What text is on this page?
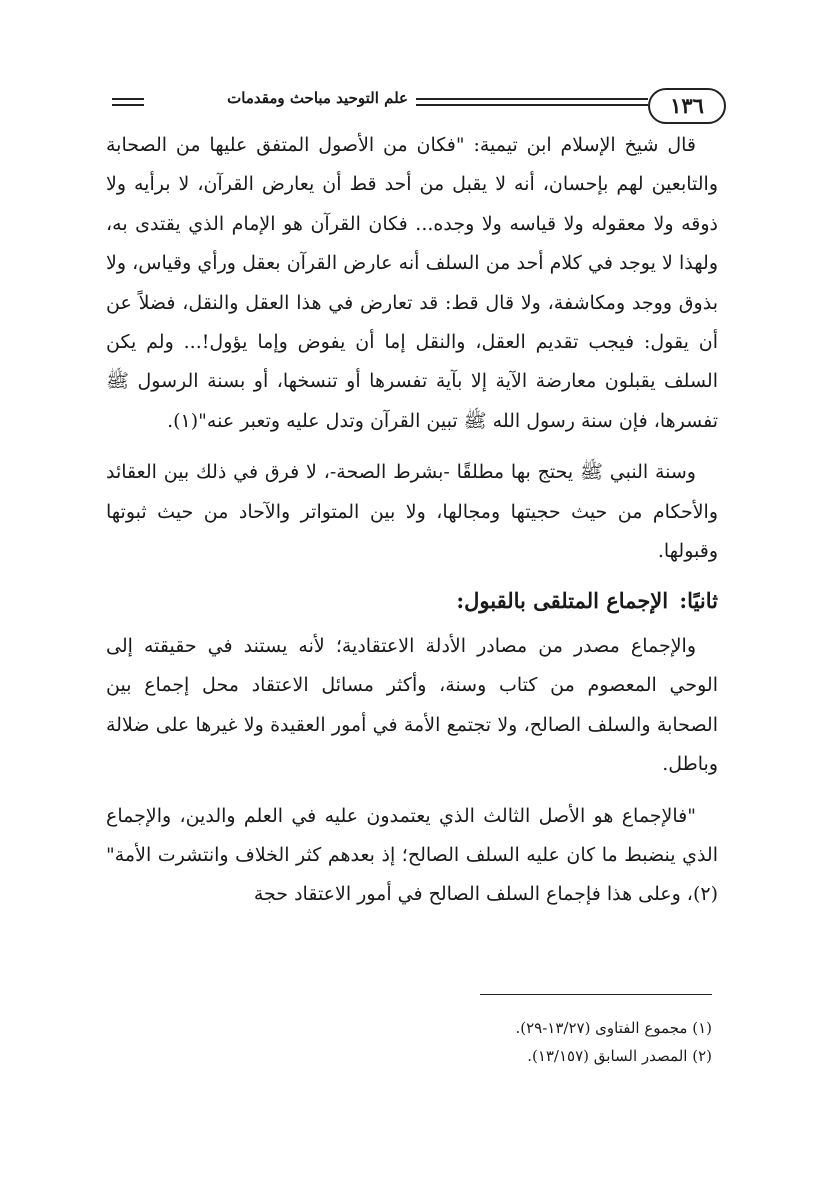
١٣٦
علم التوحيد مباحث ومقدمات

قال شيخ الإسلام ابن تيمية: "فكان من الأصول المتفق عليها من الصحابة والتابعين لهم بإحسان، أنه لا يقبل من أحد قط أن يعارض القرآن، لا برأيه ولا ذوقه ولا معقوله ولا قياسه ولا وجده... فكان القرآن هو الإمام الذي يقتدى به، ولهذا لا يوجد في كلام أحد من السلف أنه عارض القرآن بعقل ورأي وقياس، ولا بذوق ووجد ومكاشفة، ولا قال قط: قد تعارض في هذا العقل والنقل، فضلاً عن أن يقول: فيجب تقديم العقل، والنقل إما أن يفوض وإما يؤول!... ولم يكن السلف يقبلون معارضة الآية إلا بآية تفسرها أو تنسخها، أو بسنة الرسول ﷺ تفسرها، فإن سنة رسول الله ﷺ تبين القرآن وتدل عليه وتعبر عنه"(١).

وسنة النبي ﷺ يحتج بها مطلقًا -بشرط الصحة-، لا فرق في ذلك بين العقائد والأحكام من حيث حجيتها ومجالها، ولا بين المتواتر والآحاد من حيث ثبوتها وقبولها.

ثانيًا: الإجماع المتلقى بالقبول:

والإجماع مصدر من مصادر الأدلة الاعتقادية؛ لأنه يستند في حقيقته إلى الوحي المعصوم من كتاب وسنة، وأكثر مسائل الاعتقاد محل إجماع بين الصحابة والسلف الصالح، ولا تجتمع الأمة في أمور العقيدة ولا غيرها على ضلالة وباطل.

"فالإجماع هو الأصل الثالث الذي يعتمدون عليه في العلم والدين، والإجماع الذي ينضبط ما كان عليه السلف الصالح؛ إذ بعدهم كثر الخلاف وانتشرت الأمة"(٢)، وعلى هذا فإجماع السلف الصالح في أمور الاعتقاد حجة

(١) مجموع الفتاوى (١٣/٢٧-٢٩).
(٢) المصدر السابق (١٣/١٥٧).
